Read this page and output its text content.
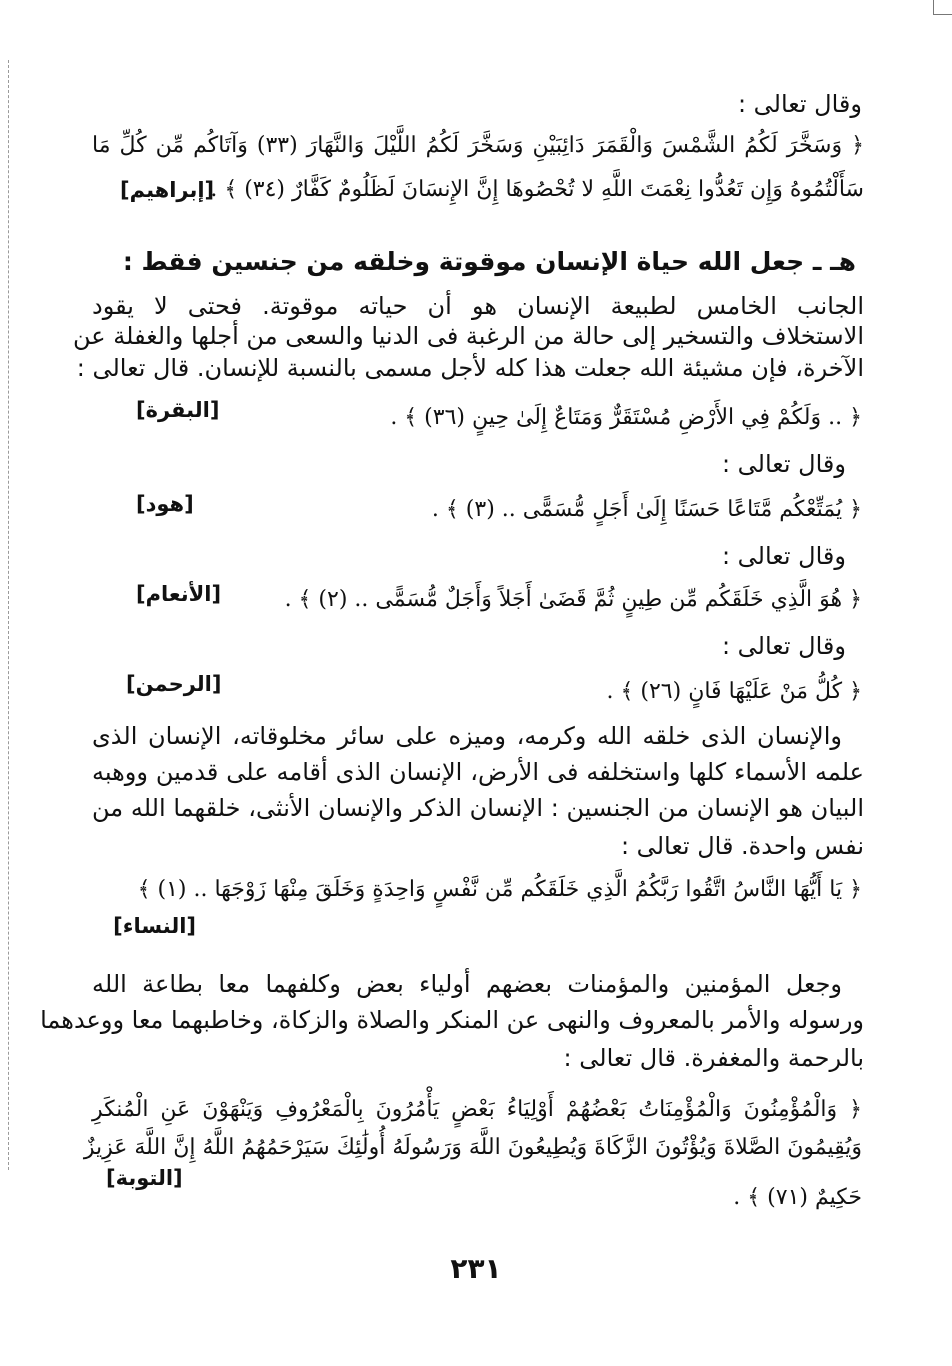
وقال تعالى :
﴿ وَسَخَّرَ لَكُمُ الشَّمْسَ وَالْقَمَرَ دَائِبَيْنِ وَسَخَّرَ لَكُمُ اللَّيْلَ وَالنَّهَارَ (٣٣) وَآتَاكُم مِّن كُلِّ مَا
سَأَلْتُمُوهُ وَإِن تَعُدُّوا نِعْمَتَ اللَّهِ لا تُحْصُوهَا إِنَّ الإِنسَانَ لَظَلُومٌ كَفَّارٌ (٣٤) ﴾ .
[إبراهيم]
هـ ـ جعل الله حياة الإنسان موقوتة وخلقه من جنسين فقط :
الجانب الخامس لطبيعة الإنسان هو أن حياته موقوتة. فحتى لا يقود
الاستخلاف والتسخير إلى حالة من الرغبة فى الدنيا والسعى من أجلها والغفلة عن
الآخرة، فإن مشيئة الله جعلت هذا كله لأجل مسمى بالنسبة للإنسان. قال تعالى :
﴿ .. وَلَكُمْ فِي الأَرْضِ مُسْتَقَرٌّ وَمَتَاعٌ إِلَىٰ حِينٍ (٣٦) ﴾ .
[البقرة]
وقال تعالى :
﴿ يُمَتِّعْكُم مَّتَاعًا حَسَنًا إِلَىٰ أَجَلٍ مُّسَمًّى .. (٣) ﴾ .
[هود]
وقال تعالى :
﴿ هُوَ الَّذِي خَلَقَكُم مِّن طِينٍ ثُمَّ قَضَىٰ أَجَلاً وَأَجَلٌ مُّسَمًّى .. (٢) ﴾ .
[الأنعام]
وقال تعالى :
﴿ كُلُّ مَنْ عَلَيْهَا فَانٍ (٢٦) ﴾ .
[الرحمن]
والإنسان الذى خلقه الله وكرمه، وميزه على سائر مخلوقاته، الإنسان الذى
علمه الأسماء كلها واستخلفه فى الأرض، الإنسان الذى أقامه على قدمين ووهبه
البيان هو الإنسان من الجنسين : الإنسان الذكر والإنسان الأنثى، خلقهما الله من
نفس واحدة. قال تعالى :
﴿ يَا أَيُّهَا النَّاسُ اتَّقُوا رَبَّكُمُ الَّذِي خَلَقَكُم مِّن نَّفْسٍ وَاحِدَةٍ وَخَلَقَ مِنْهَا زَوْجَهَا .. (١) ﴾
[النساء]
وجعل المؤمنين والمؤمنات بعضهم أولياء بعض وكلفهما معا بطاعة الله
ورسوله والأمر بالمعروف والنهى عن المنكر والصلاة والزكاة، وخاطبهما معا ووعدهما
بالرحمة والمغفرة. قال تعالى :
﴿ وَالْمُؤْمِنُونَ وَالْمُؤْمِنَاتُ بَعْضُهُمْ أَوْلِيَاءُ بَعْضٍ يَأْمُرُونَ بِالْمَعْرُوفِ وَيَنْهَوْنَ عَنِ الْمُنكَرِ
وَيُقِيمُونَ الصَّلاةَ وَيُؤْتُونَ الزَّكَاةَ وَيُطِيعُونَ اللَّهَ وَرَسُولَهُ أُولَٰئِكَ سَيَرْحَمُهُمُ اللَّهُ إِنَّ اللَّهَ عَزِيزٌ
[التوبة]
حَكِيمٌ (٧١) ﴾ .
٢٣١
